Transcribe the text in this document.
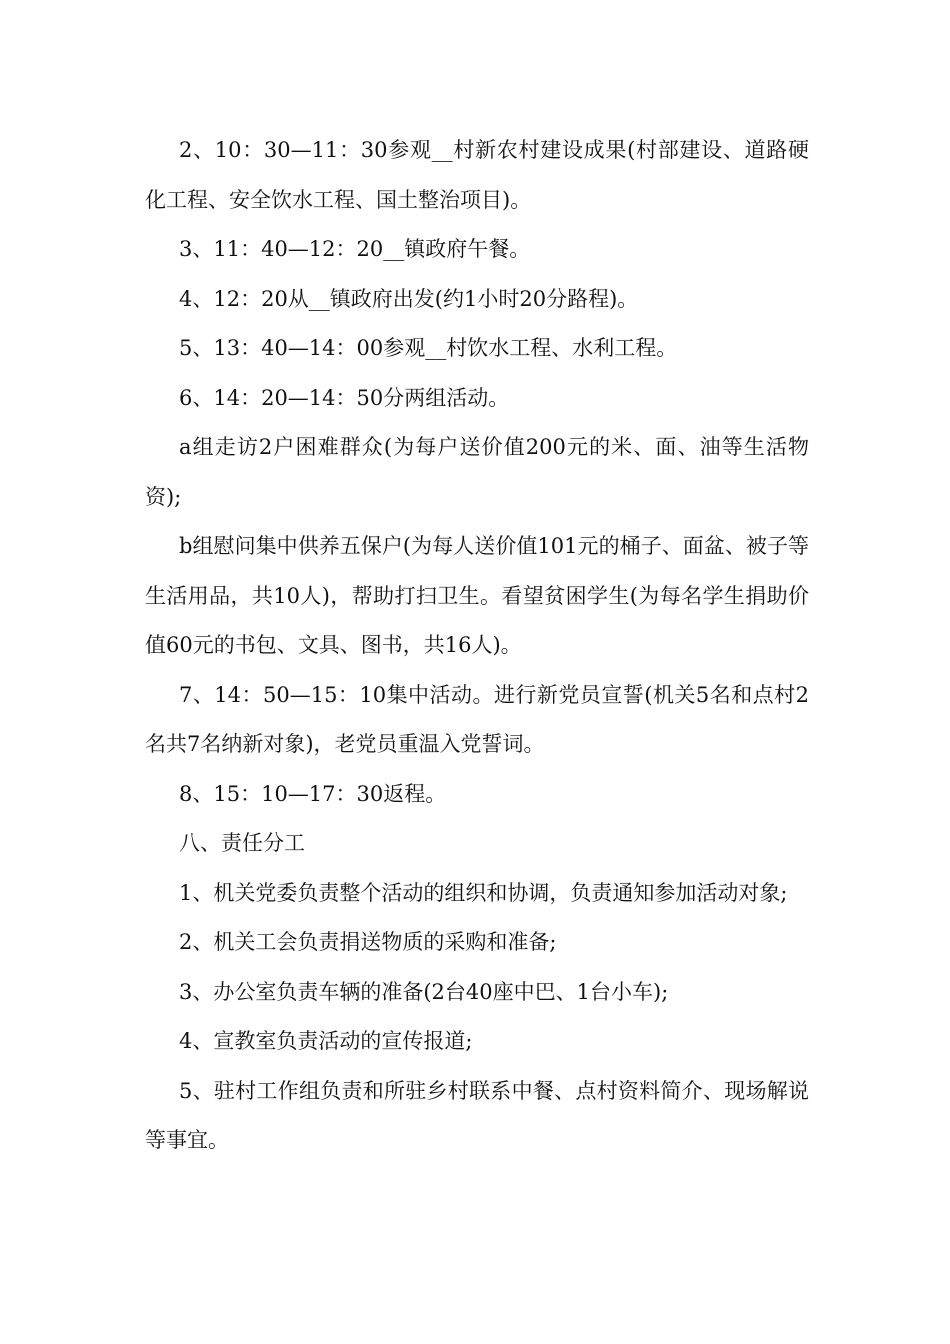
2、10：30—11：30参观__村新农村建设成果(村部建设、道路硬化工程、安全饮水工程、国土整治项目)。

3、11：40—12：20__镇政府午餐。

4、12：20从__镇政府出发(约1小时20分路程)。

5、13：40—14：00参观__村饮水工程、水利工程。

6、14：20—14：50分两组活动。

a组走访2户困难群众(为每户送价值200元的米、面、油等生活物资);

b组慰问集中供养五保户(为每人送价值101元的桶子、面盆、被子等生活用品，共10人)，帮助打扫卫生。看望贫困学生(为每名学生捐助价值60元的书包、文具、图书，共16人)。

7、14：50—15：10集中活动。进行新党员宣誓(机关5名和点村2名共7名纳新对象)，老党员重温入党誓词。

8、15：10—17：30返程。

八、责任分工

1、机关党委负责整个活动的组织和协调，负责通知参加活动对象;

2、机关工会负责捐送物质的采购和准备;

3、办公室负责车辆的准备(2台40座中巴、1台小车);

4、宣教室负责活动的宣传报道;

5、驻村工作组负责和所驻乡村联系中餐、点村资料简介、现场解说等事宜。
